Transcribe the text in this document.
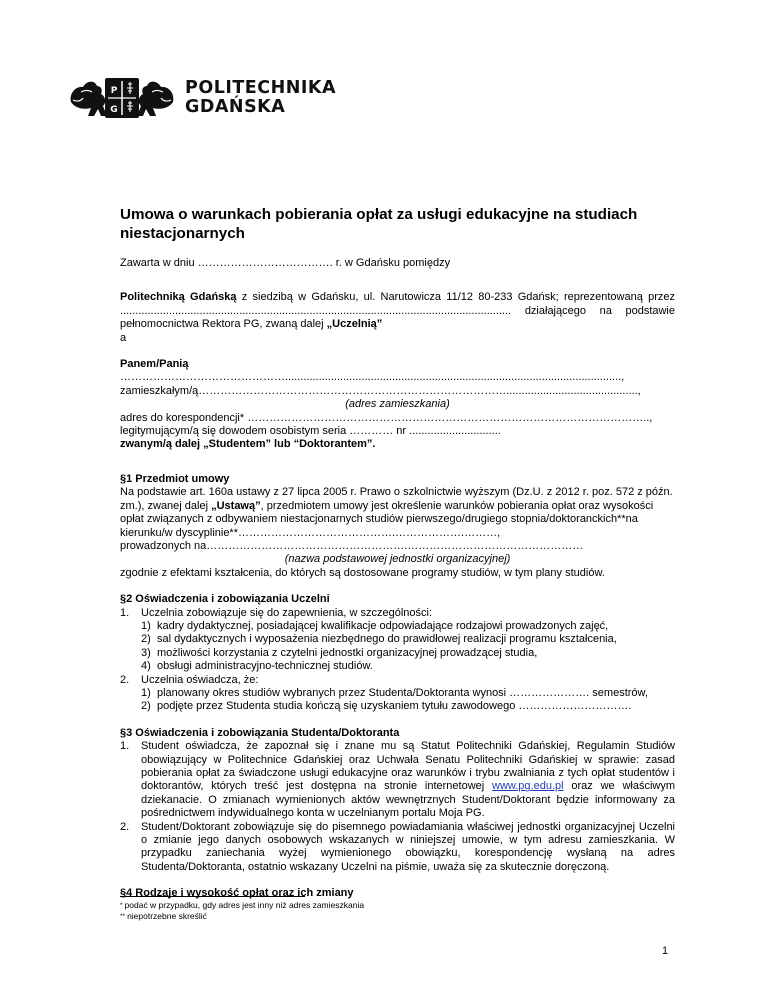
P
G
POLITECHNIKA
GDAŃSKA
Umowa o warunkach pobierania opłat za usługi edukacyjne na studiach niestacjonarnych

Zawarta w dniu ………………………………. r. w Gdańsku pomiędzy

Politechniką Gdańską z siedzibą w Gdańsku, ul. Narutowicza 11/12 80-233 Gdańsk; reprezentowaną przez ................................................................................................................................ działającego na podstawie pełnomocnictwa Rektora PG, zwaną dalej „Uczelnią”

a

Panem/Panią

………………………………………..............................................................................................................,

zamieszkałym/ą…………………………………………………………………………...........................................,

(adres zamieszkania)

adres do korespondencji* ………………………………………………………………………………………………..,

legitymującym/ą się dowodem osobistym seria ………… nr ..............................

zwanym/ą dalej „Studentem” lub “Doktorantem”.

§1 Przedmiot umowy

Na podstawie art. 160a ustawy z 27 lipca 2005 r. Prawo o szkolnictwie wyższym (Dz.U. z 2012 r. poz. 572 z późn. zm.), zwanej dalej „Ustawą”, przedmiotem umowy jest określenie warunków pobierania opłat oraz wysokości opłat związanych z odbywaniem niestacjonarnych studiów pierwszego/drugiego stopnia/doktoranckich**na kierunku/w dyscyplinie**…………………………………….……………….………,

prowadzonych na……………………………………………….…………………………………………

(nazwa podstawowej jednostki organizacyjnej)

zgodnie z efektami kształcenia, do których są dostosowane programy studiów, w tym plany studiów.

§2 Oświadczenia i zobowiązania Uczelni

1.	Uczelnia zobowiązuje się do zapewnienia, w szczególności:
1) kadry dydaktycznej, posiadającej kwalifikacje odpowiadające rodzajowi prowadzonych zajęć,
2) sal dydaktycznych i wyposażenia niezbędnego do prawidłowej realizacji programu kształcenia,
3) możliwości korzystania z czytelni jednostki organizacyjnej prowadzącej studia,
4) obsługi administracyjno-technicznej studiów.
2.	Uczelnia oświadcza, że:
1) planowany okres studiów wybranych przez Studenta/Doktoranta wynosi …………………. semestrów,
2) podjęte przez Studenta studia kończą się uzyskaniem tytułu zawodowego ………………………….

§3 Oświadczenia i zobowiązania Studenta/Doktoranta

1.	Student oświadcza, że zapoznał się i znane mu są Statut Politechniki Gdańskiej, Regulamin Studiów obowiązujący w Politechnice Gdańskiej oraz Uchwała Senatu Politechniki Gdańskiej w sprawie: zasad pobierania opłat za świadczone usługi edukacyjne oraz warunków i trybu zwalniania z tych opłat studentów i doktorantów, których treść jest dostępna na stronie internetowej www.pg.edu.pl oraz we właściwym dziekanacie. O zmianach wymienionych aktów wewnętrznych Student/Doktorant będzie informowany za pośrednictwem indywidualnego konta w uczelnianym portalu Moja PG.
2.	Student/Doktorant zobowiązuje się do pisemnego powiadamiania właściwej jednostki organizacyjnej Uczelni o zmianie jego danych osobowych wskazanych w niniejszej umowie, w tym adresu zamieszkania. W przypadku zaniechania wyżej wymienionego obowiązku, korespondencję wysłaną na adres Studenta/Doktoranta, ostatnio wskazany Uczelni na piśmie, uważa się za skutecznie doręczoną.

§4 Rodzaje i wysokość opłat oraz ich zmiany

* podać w przypadku, gdy adres jest inny niż adres zamieszkania
** niepotrzebne skreślić
1
